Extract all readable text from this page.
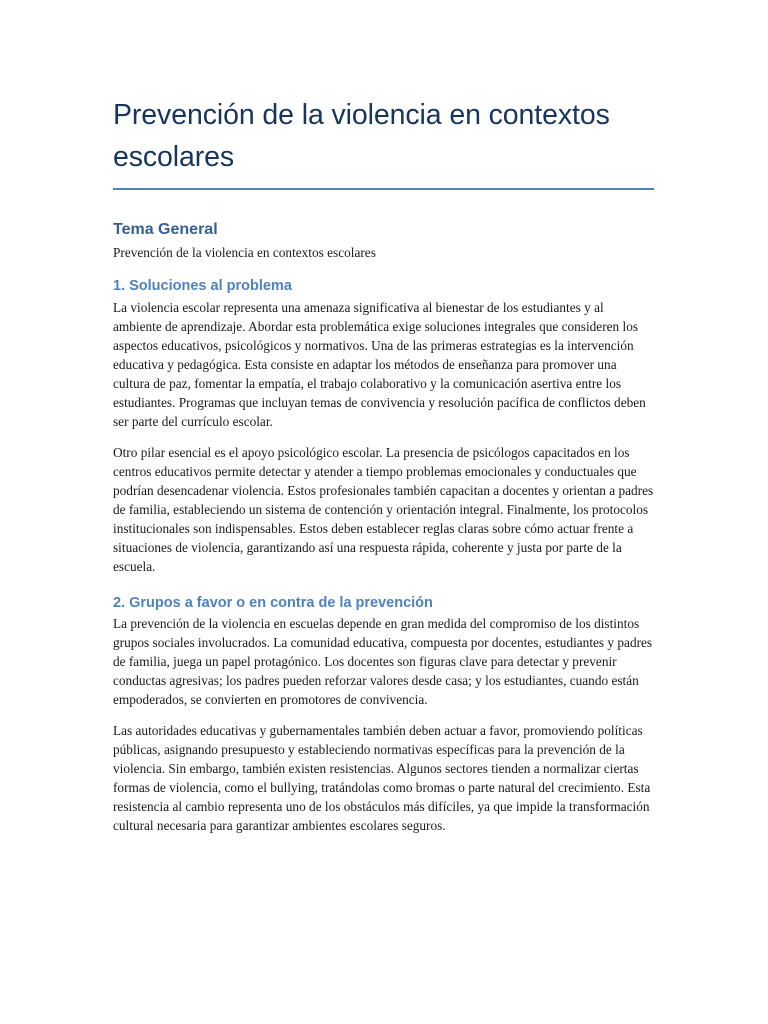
Prevención de la violencia en contextos escolares
Tema General

Prevención de la violencia en contextos escolares

1. Soluciones al problema

La violencia escolar representa una amenaza significativa al bienestar de los estudiantes y al ambiente de aprendizaje. Abordar esta problemática exige soluciones integrales que consideren los aspectos educativos, psicológicos y normativos. Una de las primeras estrategias es la intervención educativa y pedagógica. Esta consiste en adaptar los métodos de enseñanza para promover una cultura de paz, fomentar la empatía, el trabajo colaborativo y la comunicación asertiva entre los estudiantes. Programas que incluyan temas de convivencia y resolución pacífica de conflictos deben ser parte del currículo escolar.

Otro pilar esencial es el apoyo psicológico escolar. La presencia de psicólogos capacitados en los centros educativos permite detectar y atender a tiempo problemas emocionales y conductuales que podrían desencadenar violencia. Estos profesionales también capacitan a docentes y orientan a padres de familia, estableciendo un sistema de contención y orientación integral. Finalmente, los protocolos institucionales son indispensables. Estos deben establecer reglas claras sobre cómo actuar frente a situaciones de violencia, garantizando así una respuesta rápida, coherente y justa por parte de la escuela.

2. Grupos a favor o en contra de la prevención

La prevención de la violencia en escuelas depende en gran medida del compromiso de los distintos grupos sociales involucrados. La comunidad educativa, compuesta por docentes, estudiantes y padres de familia, juega un papel protagónico. Los docentes son figuras clave para detectar y prevenir conductas agresivas; los padres pueden reforzar valores desde casa; y los estudiantes, cuando están empoderados, se convierten en promotores de convivencia.

Las autoridades educativas y gubernamentales también deben actuar a favor, promoviendo políticas públicas, asignando presupuesto y estableciendo normativas específicas para la prevención de la violencia. Sin embargo, también existen resistencias. Algunos sectores tienden a normalizar ciertas formas de violencia, como el bullying, tratándolas como bromas o parte natural del crecimiento. Esta resistencia al cambio representa uno de los obstáculos más difíciles, ya que impide la transformación cultural necesaria para garantizar ambientes escolares seguros.
